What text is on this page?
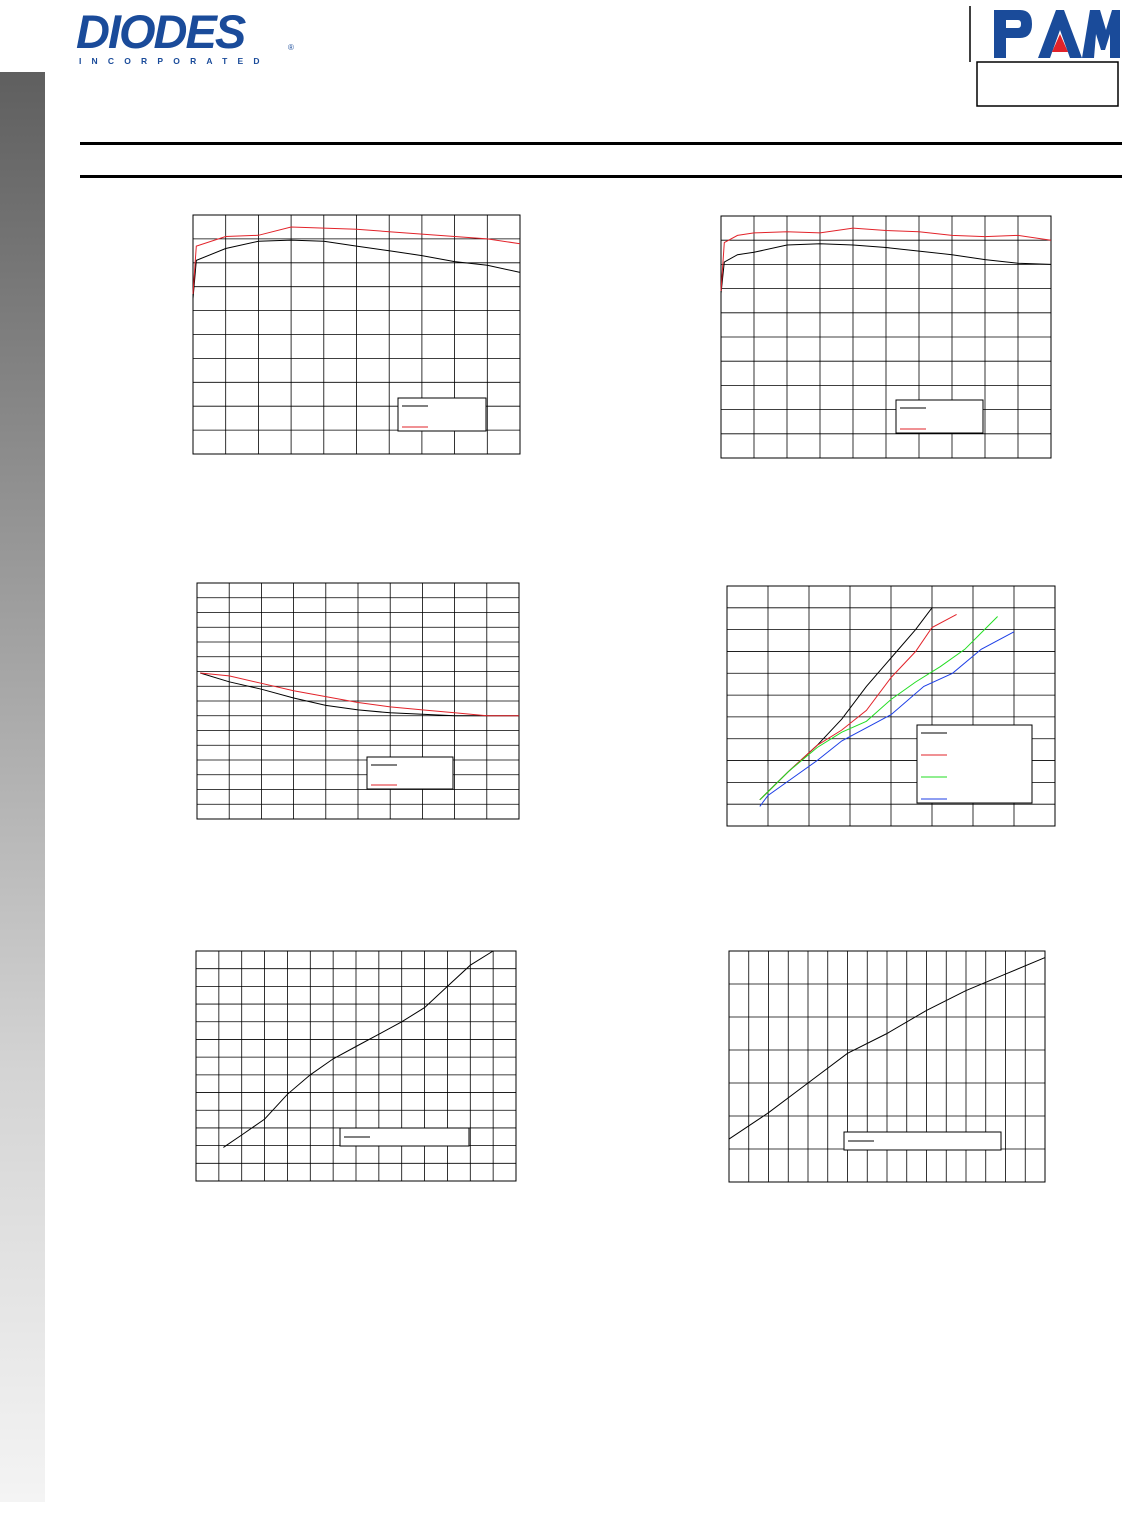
DIODES	®
INCORPORATED
